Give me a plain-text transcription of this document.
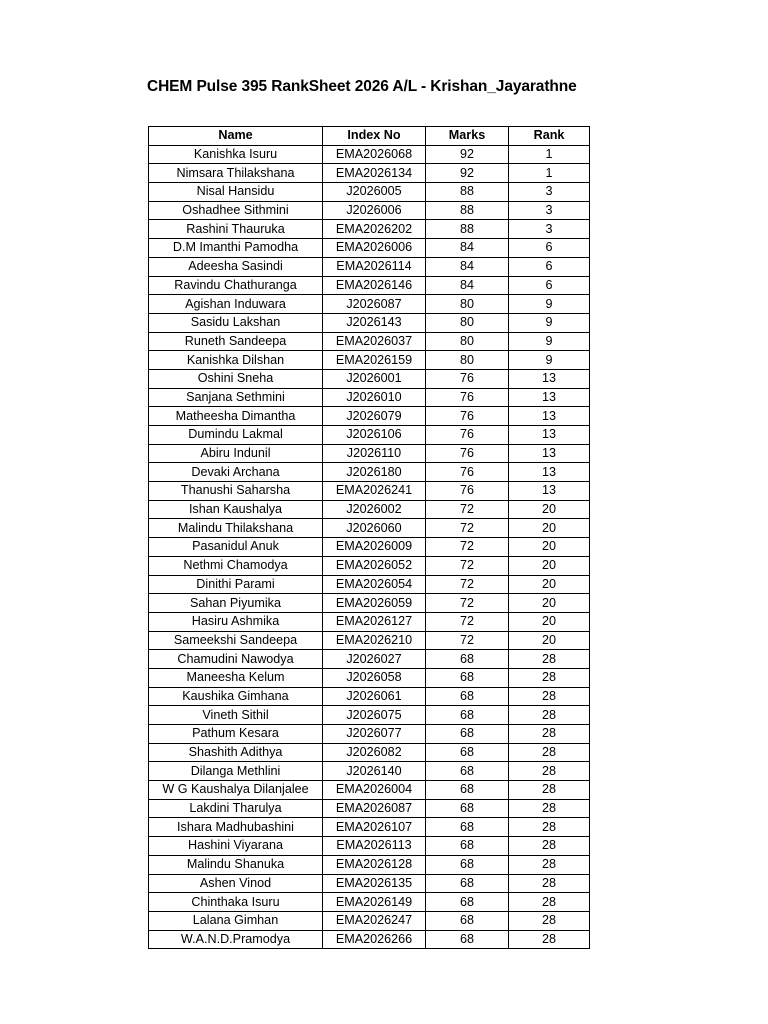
CHEM Pulse 395 RankSheet 2026 A/L - Krishan_Jayarathne
Name	Index No	Marks	Rank
Kanishka Isuru	EMA2026068	92	1
Nimsara Thilakshana	EMA2026134	92	1
Nisal Hansidu	J2026005	88	3
Oshadhee Sithmini	J2026006	88	3
Rashini Thauruka	EMA2026202	88	3
D.M Imanthi Pamodha	EMA2026006	84	6
Adeesha Sasindi	EMA2026114	84	6
Ravindu Chathuranga	EMA2026146	84	6
Agishan Induwara	J2026087	80	9
Sasidu Lakshan	J2026143	80	9
Runeth Sandeepa	EMA2026037	80	9
Kanishka Dilshan	EMA2026159	80	9
Oshini Sneha	J2026001	76	13
Sanjana Sethmini	J2026010	76	13
Matheesha Dimantha	J2026079	76	13
Dumindu Lakmal	J2026106	76	13
Abiru Indunil	J2026110	76	13
Devaki Archana	J2026180	76	13
Thanushi Saharsha	EMA2026241	76	13
Ishan Kaushalya	J2026002	72	20
Malindu Thilakshana	J2026060	72	20
Pasanidul Anuk	EMA2026009	72	20
Nethmi Chamodya	EMA2026052	72	20
Dinithi Parami	EMA2026054	72	20
Sahan Piyumika	EMA2026059	72	20
Hasiru Ashmika	EMA2026127	72	20
Sameekshi Sandeepa	EMA2026210	72	20
Chamudini Nawodya	J2026027	68	28
Maneesha Kelum	J2026058	68	28
Kaushika Gimhana	J2026061	68	28
Vineth Sithil	J2026075	68	28
Pathum Kesara	J2026077	68	28
Shashith Adithya	J2026082	68	28
Dilanga Methlini	J2026140	68	28
W G Kaushalya Dilanjalee	EMA2026004	68	28
Lakdini Tharulya	EMA2026087	68	28
Ishara Madhubashini	EMA2026107	68	28
Hashini Viyarana	EMA2026113	68	28
Malindu Shanuka	EMA2026128	68	28
Ashen Vinod	EMA2026135	68	28
Chinthaka Isuru	EMA2026149	68	28
Lalana Gimhan	EMA2026247	68	28
W.A.N.D.Pramodya	EMA2026266	68	28
